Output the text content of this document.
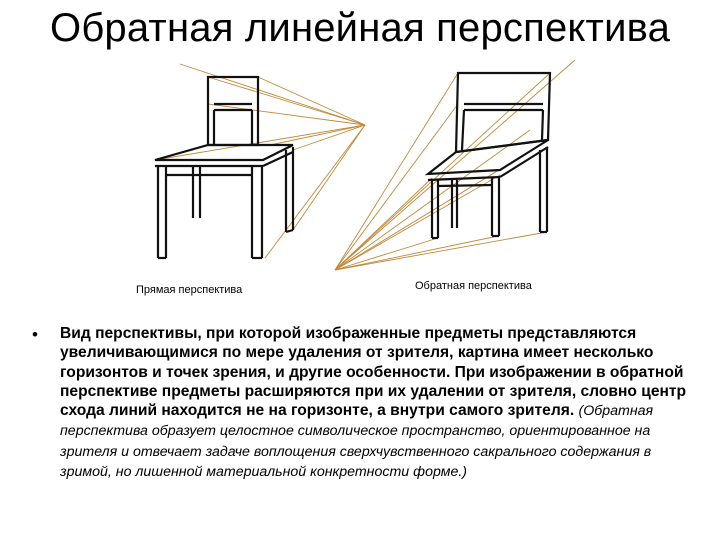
Обратная линейная перспектива
Прямая перспектива	Обратная перспектива
• Вид перспективы, при которой изображенные предметы представляются увеличивающимися по мере удаления от зрителя, картина имеет несколько горизонтов и точек зрения, и другие особенности. При изображении в обратной перспективе предметы расширяются при их удалении от зрителя, словно центр схода линий находится не на горизонте, а внутри самого зрителя. (Обратная перспектива образует целостное символическое пространство, ориентированное на зрителя и отвечает задаче воплощения сверхчувственного сакрального содержания в зримой, но лишенной материальной конкретности форме.)
